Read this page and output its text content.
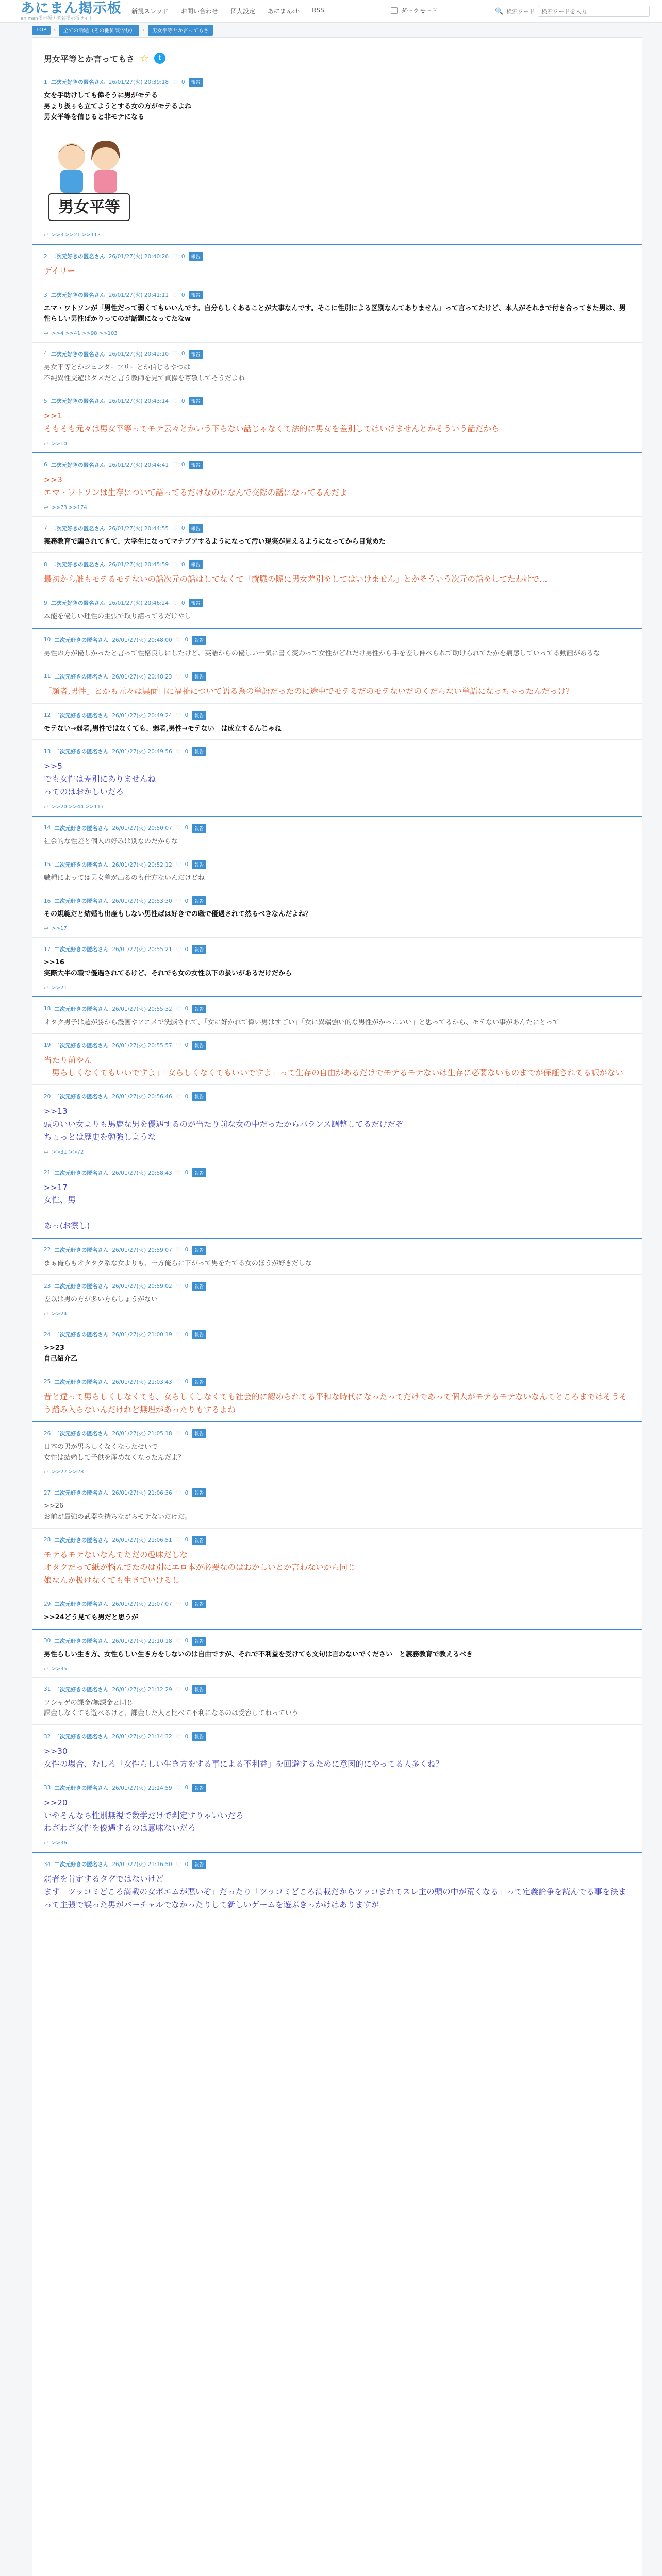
あにまん掲示板
animan掲示板 / 匿名掲示板サイト
新規スレッド お問い合わせ 個人設定 あにまんch RSS	ダークモード	🔍 検索ワード
検索ワードを入力
TOP	›	全ての話題（その他雑談含む）	›	男女平等とか言ってもさ
男女平等とか言ってもさ ☆	t
1 二次元好きの匿名さん 26/01/27(火) 20:39:18 ♡ 0	報告
女を手助けしても偉そうに男がモテる
男ょり扱ぅも立てようとする女の方がモテるよね
男女平等を信じると非モテになる
男女平等
↩ >>3 >>21 >>113
2 二次元好きの匿名さん 26/01/27(火) 20:40:26 ♡ 0	報告
デイリー
3 二次元好きの匿名さん 26/01/27(火) 20:41:11 ♡ 0	報告
エマ・ワトソンが「男性だって弱くてもいいんです。自分らしくあることが大事なんです。そこに性別による区別なんてありません」って言ってたけど、本人がそれまで付き合ってきた男は、男性らしい男性ばかりってのが話題になってたなw
↩ >>4 >>41 >>98 >>103
4 二次元好きの匿名さん 26/01/27(火) 20:42:10 ♡ 0	報告
男女平等とかジェンダーフリーとか信じるやつは
不純異性交遊はダメだと言う教師を見て貞操を尊敬してそうだよね
5 二次元好きの匿名さん 26/01/27(火) 20:43:14 ♡ 0	報告
>>1
そもそも元々は男女平等ってモテ云々とかいう下らない話じゃなくて法的に男女を差別してはいけませんとかそういう話だから
↩ >>10
6 二次元好きの匿名さん 26/01/27(火) 20:44:41 ♡ 0	報告
>>3
エマ・ワトソンは生存について語ってるだけなのになんで交際の話になってるんだよ
↩ >>73 >>174
7 二次元好きの匿名さん 26/01/27(火) 20:44:55 ♡ 0	報告
義務教育で騙されてきて、大学生になってマナブアするようになって汚い現実が見えるようになってから目覚めた
8 二次元好きの匿名さん 26/01/27(火) 20:45:59 ♡ 0	報告
最初から誰もモテるモテないの話次元の話はしてなくて「就職の際に男女差別をしてはいけません」とかそういう次元の話をしてたわけで…
9 二次元好きの匿名さん 26/01/27(火) 20:46:24 ♡ 0	報告
本能を優しい理性の主張で取り繕ってるだけやし
10 二次元好きの匿名さん 26/01/27(火) 20:48:00 ♡ 0	報告
男性の方が優しかったと言って性格良しにしたけど、英語からの優しい一気に書く変わって女性がどれだけ男性から手を差し伸べられて助けられてたかを痛感していってる動画があるな
11 二次元好きの匿名さん 26/01/27(火) 20:48:23 ♡ 0	報告
「顔者,男性」とかも元々は異面目に福祉について語る為の単語だったのに途中でモテるだのモテないだのくだらない単語になっちゃったんだっけ？
12 二次元好きの匿名さん 26/01/27(火) 20:49:24 ♡ 0	報告
モテない→弱者,男性ではなくても、弱者,男性→モテない　は成立するんじゃね
13 二次元好きの匿名さん 26/01/27(火) 20:49:56 ♡ 0	報告
>>5
でも女性は差別にありませんね
ってのはおかしいだろ
↩ >>20 >>44 >>117
14 二次元好きの匿名さん 26/01/27(火) 20:50:07 ♡ 0	報告
社会的な性差と個人の好みは別なのだからな
15 二次元好きの匿名さん 26/01/27(火) 20:52:12 ♡ 0	報告
職種によっては男女差が出るのも仕方ないんだけどね
16 二次元好きの匿名さん 26/01/27(火) 20:53:30 ♡ 0	報告
その規範だと結婚も出産もしない男性ばは好きでの職で優遇されて然るべきなんだよね？
↩ >>17
17 二次元好きの匿名さん 26/01/27(火) 20:55:21 ♡ 0	報告
>>16
実際大半の職で優遇されてるけど、それでも女の女性以下の扱いがあるだけだから
↩ >>21
18 二次元好きの匿名さん 26/01/27(火) 20:55:32 ♡ 0	報告
オタク男子は超が勝から漫画やアニメで洗脳されて、「女に好かれて偉い男はすごい」「女に異端強い的な男性がかっこいい」と思ってるから、モテない事があんたにとって
19 二次元好きの匿名さん 26/01/27(火) 20:55:57 ♡ 0	報告
当たり前やん
「男らしくなくてもいいですよ」「女らしくなくてもいいですよ」って生存の自由があるだけでモテるモテないは生存に必要ないものまでが保証されてる訳がない
20 二次元好きの匿名さん 26/01/27(火) 20:56:46 ♡ 0	報告
>>13
頭のいい女よりも馬鹿な男を優遇するのが当たり前な女の中だったからバランス調整してるだけだぞ
ちょっとは歴史を勉強しような
↩ >>31 >>72
21 二次元好きの匿名さん 26/01/27(火) 20:58:43 ♡ 0	報告
>>17
女性、男

あっ(お察し)
22 二次元好きの匿名さん 26/01/27(火) 20:59:07 ♡ 0	報告
まぁ俺らもオタタク系な女よりも、一方俺らに下がって男をたてる女のほうが好きだしな
23 二次元好きの匿名さん 26/01/27(火) 20:59:02 ♡ 0	報告
差以は男の方が多い方らしょうがない
↩ >>24
24 二次元好きの匿名さん 26/01/27(火) 21:00:19 ♡ 0	報告
>>23
自己紹介乙
25 二次元好きの匿名さん 26/01/27(火) 21:03:43 ♡ 0	報告
昔と違って男らしくしなくても、女らしくしなくても社会的に認められてる平和な時代になったってだけであって個人がモテるモテないなんてところまではそうそう踏み入らないんだけれど無理があったりもするよね
26 二次元好きの匿名さん 26/01/27(火) 21:05:18 ♡ 0	報告
日本の男が男らしくなくなったせいで
女性は結婚して子供を産めなくなったんだよ？
↩ >>27 >>28
27 二次元好きの匿名さん 26/01/27(火) 21:06:36 ♡ 0	報告
>>26
お前が最強の武器を持ちながらモテないだけだ。
28 二次元好きの匿名さん 26/01/27(火) 21:06:51 ♡ 0	報告
モテるモテないなんてただの趣味だしな
オタクだって紙が悩んでたのは別にエロ本が必要なのはおかしいとか言わないから同じ
娘なんか扱けなくても生きていけるし
29 二次元好きの匿名さん 26/01/27(火) 21:07:07 ♡ 0	報告
>>24どう見ても男だと思うが
30 二次元好きの匿名さん 26/01/27(火) 21:10:18 ♡ 0	報告
男性らしい生き方、女性らしい生き方をしないのは自由ですが、それで不利益を受けても文句は言わないでください　と義務教育で教えるべき
↩ >>35
31 二次元好きの匿名さん 26/01/27(火) 21:12:29 ♡ 0	報告
ソシャゲの課金/無課金と同じ
課金しなくても遊べるけど、課金した人と比べて不利になるのは受容してねっていう
32 二次元好きの匿名さん 26/01/27(火) 21:14:32 ♡ 0	報告
>>30
女性の場合、むしろ「女性らしい生き方をする事による不利益」を回避するために意図的にやってる人多くね？
33 二次元好きの匿名さん 26/01/27(火) 21:14:59 ♡ 0	報告
>>20
いやそんなら性別無視で数学だけで判定すりゃいいだろ
わざわざ女性を優遇するのは意味ないだろ
↩ >>36
34 二次元好きの匿名さん 26/01/27(火) 21:16:50 ♡ 0	報告
弱者を肯定するタグではないけど
まず「ツッコミどころ満載の女ポエムが悪いぞ」だったり「ツッコミどころ満載だからツッコまれてスレ主の頭の中が荒くなる」って定義論争を読んでる事を決まって主張で誤った男がバーチャルでなかったりして新しいゲームを遊ぶきっかけはありますが
